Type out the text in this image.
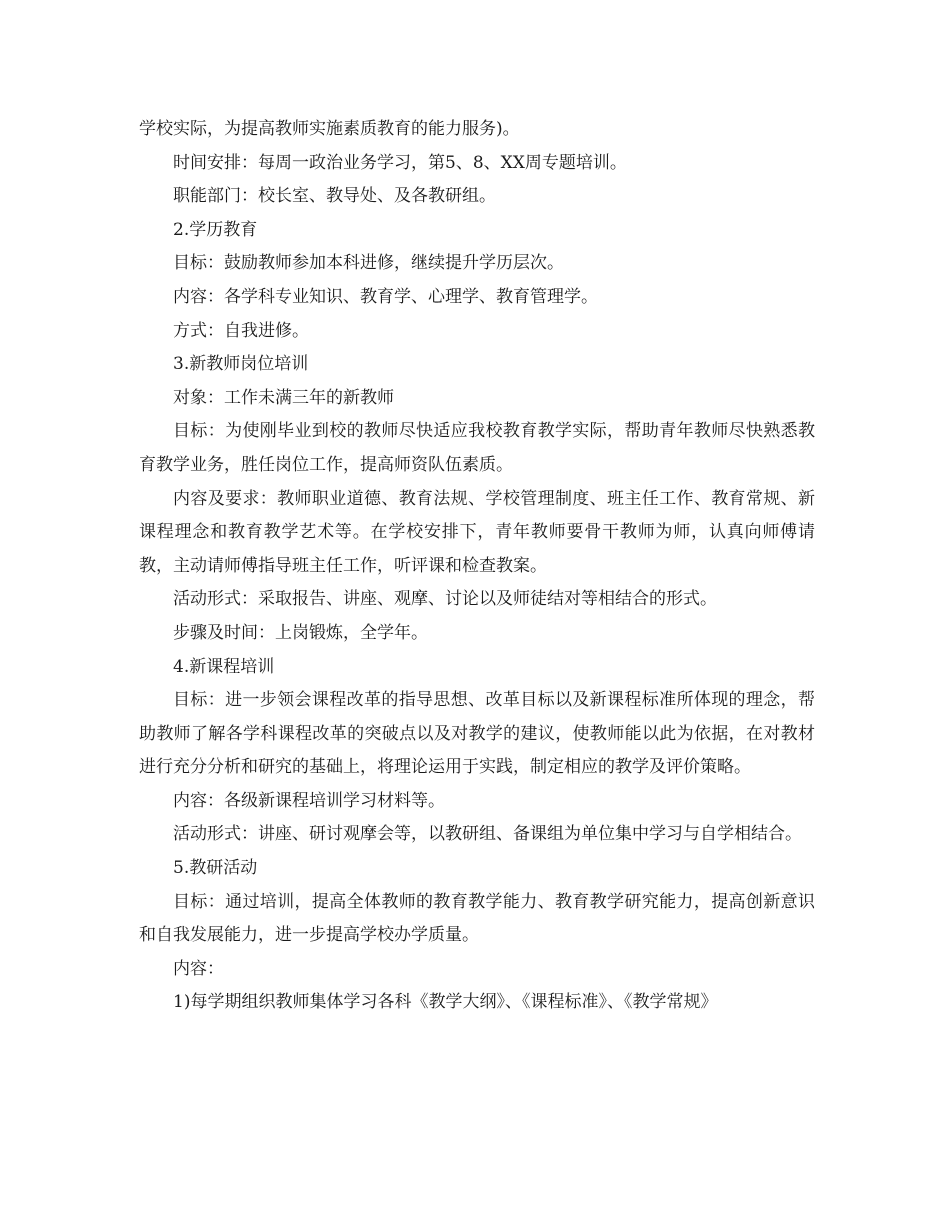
学校实际，为提高教师实施素质教育的能力服务)。

时间安排：每周一政治业务学习，第5、8、XX周专题培训。

职能部门：校长室、教导处、及各教研组。

2.学历教育

目标：鼓励教师参加本科进修，继续提升学历层次。

内容：各学科专业知识、教育学、心理学、教育管理学。

方式：自我进修。

3.新教师岗位培训

对象：工作未满三年的新教师

目标：为使刚毕业到校的教师尽快适应我校教育教学实际，帮助青年教师尽快熟悉教育教学业务，胜任岗位工作，提高师资队伍素质。

内容及要求：教师职业道德、教育法规、学校管理制度、班主任工作、教育常规、新课程理念和教育教学艺术等。在学校安排下，青年教师要骨干教师为师，认真向师傅请教，主动请师傅指导班主任工作，听评课和检查教案。

活动形式：采取报告、讲座、观摩、讨论以及师徒结对等相结合的形式。

步骤及时间：上岗锻炼，全学年。

4.新课程培训

目标：进一步领会课程改革的指导思想、改革目标以及新课程标准所体现的理念，帮助教师了解各学科课程改革的突破点以及对教学的建议，使教师能以此为依据，在对教材进行充分分析和研究的基础上，将理论运用于实践，制定相应的教学及评价策略。

内容：各级新课程培训学习材料等。

活动形式：讲座、研讨观摩会等，以教研组、备课组为单位集中学习与自学相结合。

5.教研活动

目标：通过培训，提高全体教师的教育教学能力、教育教学研究能力，提高创新意识和自我发展能力，进一步提高学校办学质量。

内容：

1)每学期组织教师集体学习各科《教学大纲》、《课程标准》、《教学常规》
